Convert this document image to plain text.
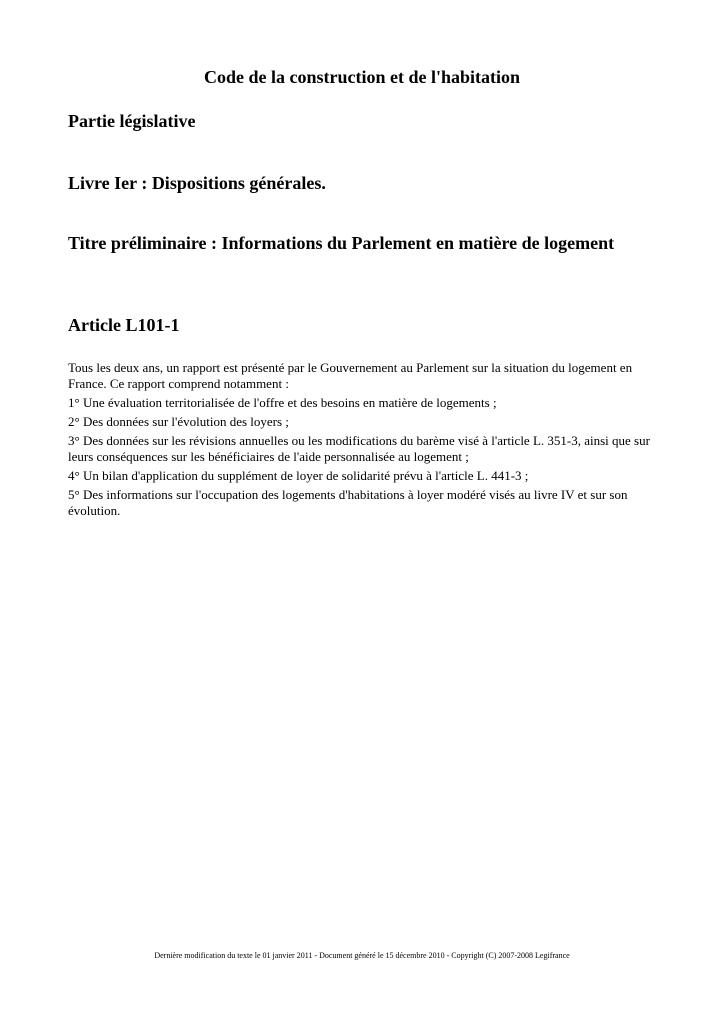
Code de la construction et de l'habitation
Partie législative
Livre Ier : Dispositions générales.
Titre préliminaire : Informations du Parlement en matière de logement
Article L101-1

Tous les deux ans, un rapport est présenté par le Gouvernement au Parlement sur la situation du logement en France. Ce rapport comprend notamment :

1° Une évaluation territorialisée de l'offre et des besoins en matière de logements ;

2° Des données sur l'évolution des loyers ;

3° Des données sur les révisions annuelles ou les modifications du barème visé à l'article L. 351-3, ainsi que sur leurs conséquences sur les bénéficiaires de l'aide personnalisée au logement ;

4° Un bilan d'application du supplément de loyer de solidarité prévu à l'article L. 441-3 ;

5° Des informations sur l'occupation des logements d'habitations à loyer modéré visés au livre IV et sur son évolution.

Dernière modification du texte le 01 janvier 2011 - Document généré le 15 décembre 2010 - Copyright (C) 2007-2008 Legifrance
